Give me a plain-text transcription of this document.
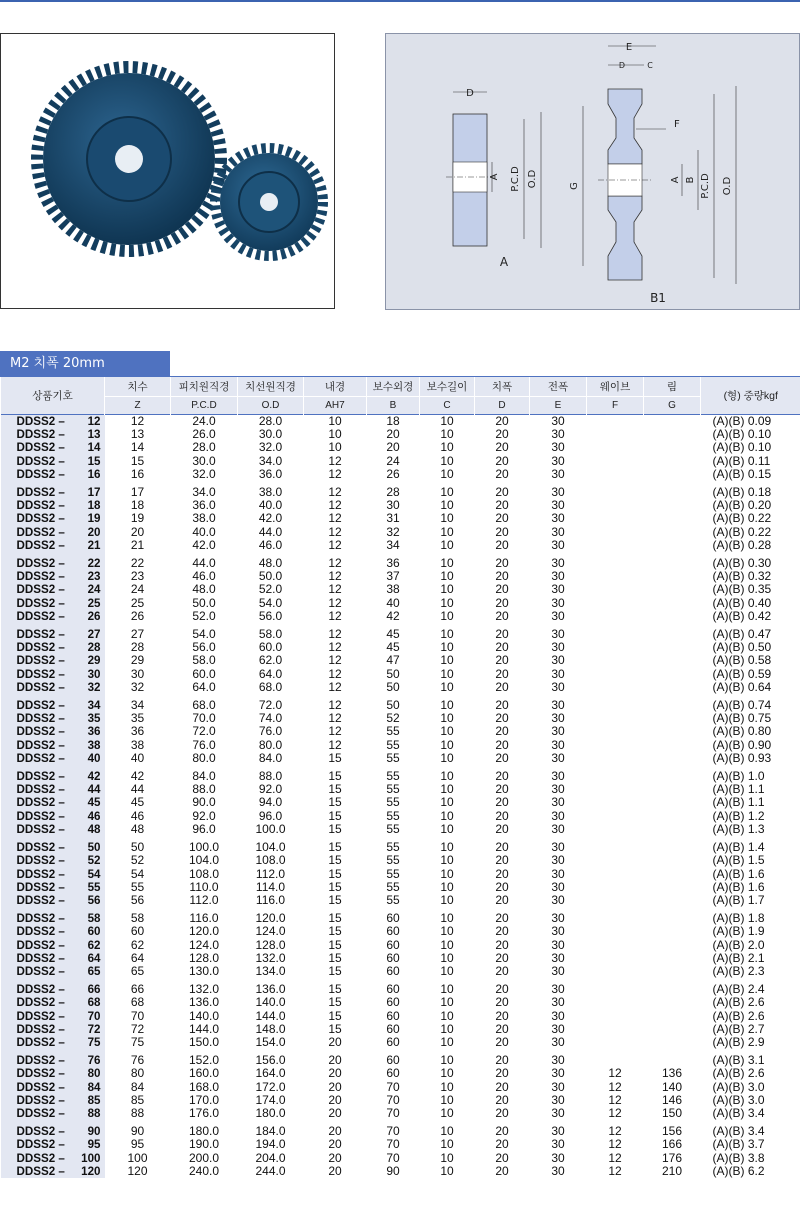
D
A P.C.D O.D
A
E
D	C
F
G
A B P.C.D O.D
B1
M2 치폭 20mm
상품기호	치수	피치원직경	치선원직경	내경	보수외경	보수길이	치폭	전폭	웨이브	림	(형) 중량kgf
	Z	P.C.D	O.D	AH7	B	C	D	E	F	G	
DDSS2 – 12	12	24.0	28.0	10	18	10	20	30			(A)(B) 0.09
DDSS2 – 13	13	26.0	30.0	10	20	10	20	30			(A)(B) 0.10
DDSS2 – 14	14	28.0	32.0	10	20	10	20	30			(A)(B) 0.10
DDSS2 – 15	15	30.0	34.0	12	24	10	20	30			(A)(B) 0.11
DDSS2 – 16	16	32.0	36.0	12	26	10	20	30			(A)(B) 0.15
DDSS2 – 17	17	34.0	38.0	12	28	10	20	30			(A)(B) 0.18
DDSS2 – 18	18	36.0	40.0	12	30	10	20	30			(A)(B) 0.20
DDSS2 – 19	19	38.0	42.0	12	31	10	20	30			(A)(B) 0.22
DDSS2 – 20	20	40.0	44.0	12	32	10	20	30			(A)(B) 0.22
DDSS2 – 21	21	42.0	46.0	12	34	10	20	30			(A)(B) 0.28
DDSS2 – 22	22	44.0	48.0	12	36	10	20	30			(A)(B) 0.30
DDSS2 – 23	23	46.0	50.0	12	37	10	20	30			(A)(B) 0.32
DDSS2 – 24	24	48.0	52.0	12	38	10	20	30			(A)(B) 0.35
DDSS2 – 25	25	50.0	54.0	12	40	10	20	30			(A)(B) 0.40
DDSS2 – 26	26	52.0	56.0	12	42	10	20	30			(A)(B) 0.42
DDSS2 – 27	27	54.0	58.0	12	45	10	20	30			(A)(B) 0.47
DDSS2 – 28	28	56.0	60.0	12	45	10	20	30			(A)(B) 0.50
DDSS2 – 29	29	58.0	62.0	12	47	10	20	30			(A)(B) 0.58
DDSS2 – 30	30	60.0	64.0	12	50	10	20	30			(A)(B) 0.59
DDSS2 – 32	32	64.0	68.0	12	50	10	20	30			(A)(B) 0.64
DDSS2 – 34	34	68.0	72.0	12	50	10	20	30			(A)(B) 0.74
DDSS2 – 35	35	70.0	74.0	12	52	10	20	30			(A)(B) 0.75
DDSS2 – 36	36	72.0	76.0	12	55	10	20	30			(A)(B) 0.80
DDSS2 – 38	38	76.0	80.0	12	55	10	20	30			(A)(B) 0.90
DDSS2 – 40	40	80.0	84.0	15	55	10	20	30			(A)(B) 0.93
DDSS2 – 42	42	84.0	88.0	15	55	10	20	30			(A)(B) 1.0
DDSS2 – 44	44	88.0	92.0	15	55	10	20	30			(A)(B) 1.1
DDSS2 – 45	45	90.0	94.0	15	55	10	20	30			(A)(B) 1.1
DDSS2 – 46	46	92.0	96.0	15	55	10	20	30			(A)(B) 1.2
DDSS2 – 48	48	96.0	100.0	15	55	10	20	30			(A)(B) 1.3
DDSS2 – 50	50	100.0	104.0	15	55	10	20	30			(A)(B) 1.4
DDSS2 – 52	52	104.0	108.0	15	55	10	20	30			(A)(B) 1.5
DDSS2 – 54	54	108.0	112.0	15	55	10	20	30			(A)(B) 1.6
DDSS2 – 55	55	110.0	114.0	15	55	10	20	30			(A)(B) 1.6
DDSS2 – 56	56	112.0	116.0	15	55	10	20	30			(A)(B) 1.7
DDSS2 – 58	58	116.0	120.0	15	60	10	20	30			(A)(B) 1.8
DDSS2 – 60	60	120.0	124.0	15	60	10	20	30			(A)(B) 1.9
DDSS2 – 62	62	124.0	128.0	15	60	10	20	30			(A)(B) 2.0
DDSS2 – 64	64	128.0	132.0	15	60	10	20	30			(A)(B) 2.1
DDSS2 – 65	65	130.0	134.0	15	60	10	20	30			(A)(B) 2.3
DDSS2 – 66	66	132.0	136.0	15	60	10	20	30			(A)(B) 2.4
DDSS2 – 68	68	136.0	140.0	15	60	10	20	30			(A)(B) 2.6
DDSS2 – 70	70	140.0	144.0	15	60	10	20	30			(A)(B) 2.6
DDSS2 – 72	72	144.0	148.0	15	60	10	20	30			(A)(B) 2.7
DDSS2 – 75	75	150.0	154.0	20	60	10	20	30			(A)(B) 2.9
DDSS2 – 76	76	152.0	156.0	20	60	10	20	30			(A)(B) 3.1
DDSS2 – 80	80	160.0	164.0	20	60	10	20	30	12	136	(A)(B) 2.6
DDSS2 – 84	84	168.0	172.0	20	70	10	20	30	12	140	(A)(B) 3.0
DDSS2 – 85	85	170.0	174.0	20	70	10	20	30	12	146	(A)(B) 3.0
DDSS2 – 88	88	176.0	180.0	20	70	10	20	30	12	150	(A)(B) 3.4
DDSS2 – 90	90	180.0	184.0	20	70	10	20	30	12	156	(A)(B) 3.4
DDSS2 – 95	95	190.0	194.0	20	70	10	20	30	12	166	(A)(B) 3.7
DDSS2 – 100	100	200.0	204.0	20	70	10	20	30	12	176	(A)(B) 3.8
DDSS2 – 120	120	240.0	244.0	20	90	10	20	30	12	210	(A)(B) 6.2
